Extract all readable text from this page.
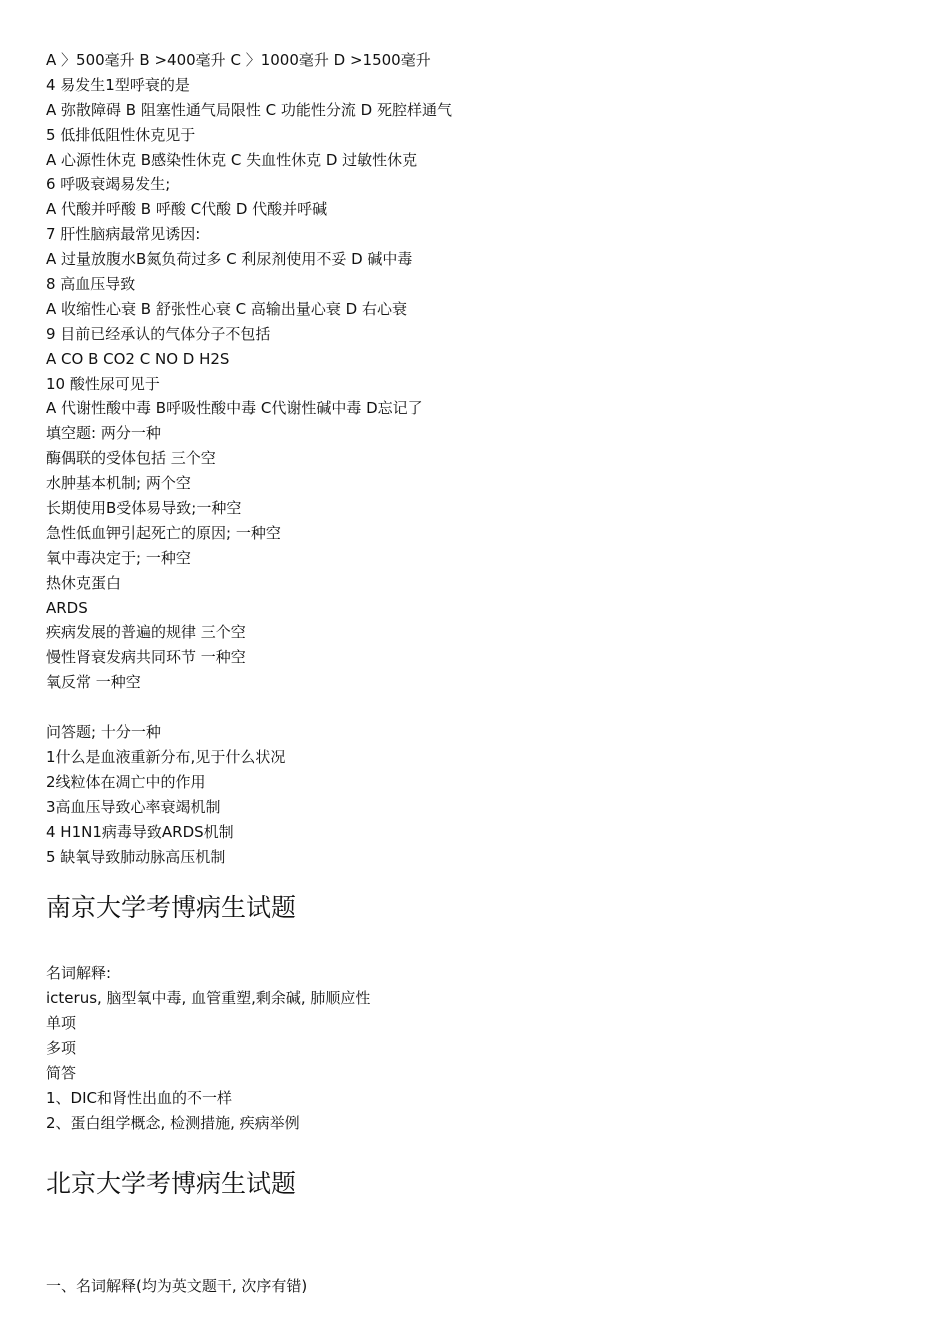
A 〉500毫升 B >400毫升 C 〉1000毫升 D >1500毫升
4 易发生1型呼衰的是
A 弥散障碍 B 阻塞性通气局限性 C 功能性分流 D 死腔样通气
5 低排低阻性休克见于
A 心源性休克 B感染性休克 C 失血性休克 D 过敏性休克
6 呼吸衰竭易发生;
A 代酸并呼酸 B 呼酸 C代酸 D 代酸并呼碱
7 肝性脑病最常见诱因:
A 过量放腹水B氮负荷过多 C 利尿剂使用不妥 D 碱中毒
8 高血压导致
A 收缩性心衰 B 舒张性心衰 C 高输出量心衰 D 右心衰
9 目前已经承认的气体分子不包括
A CO B CO2 C NO D H2S
10 酸性尿可见于
A 代谢性酸中毒 B呼吸性酸中毒 C代谢性碱中毒 D忘记了
填空题: 两分一种
酶偶联的受体包括 三个空
水肿基本机制; 两个空
长期使用B受体易导致;一种空
急性低血钾引起死亡的原因; 一种空
氧中毒决定于; 一种空
热休克蛋白
ARDS
疾病发展的普遍的规律 三个空
慢性肾衰发病共同环节 一种空
氧反常 一种空
问答题; 十分一种
1什么是血液重新分布,见于什么状况
2线粒体在凋亡中的作用
3高血压导致心率衰竭机制
4 H1N1病毒导致ARDS机制
5 缺氧导致肺动脉高压机制
南京大学考博病生试题
名词解释:
icterus, 脑型氧中毒, 血管重塑,剩余碱, 肺顺应性
单项
多项
简答
1、DIC和肾性出血的不一样
2、蛋白组学概念, 检测措施, 疾病举例
北京大学考博病生试题
一、名词解释(均为英文题干, 次序有错)
